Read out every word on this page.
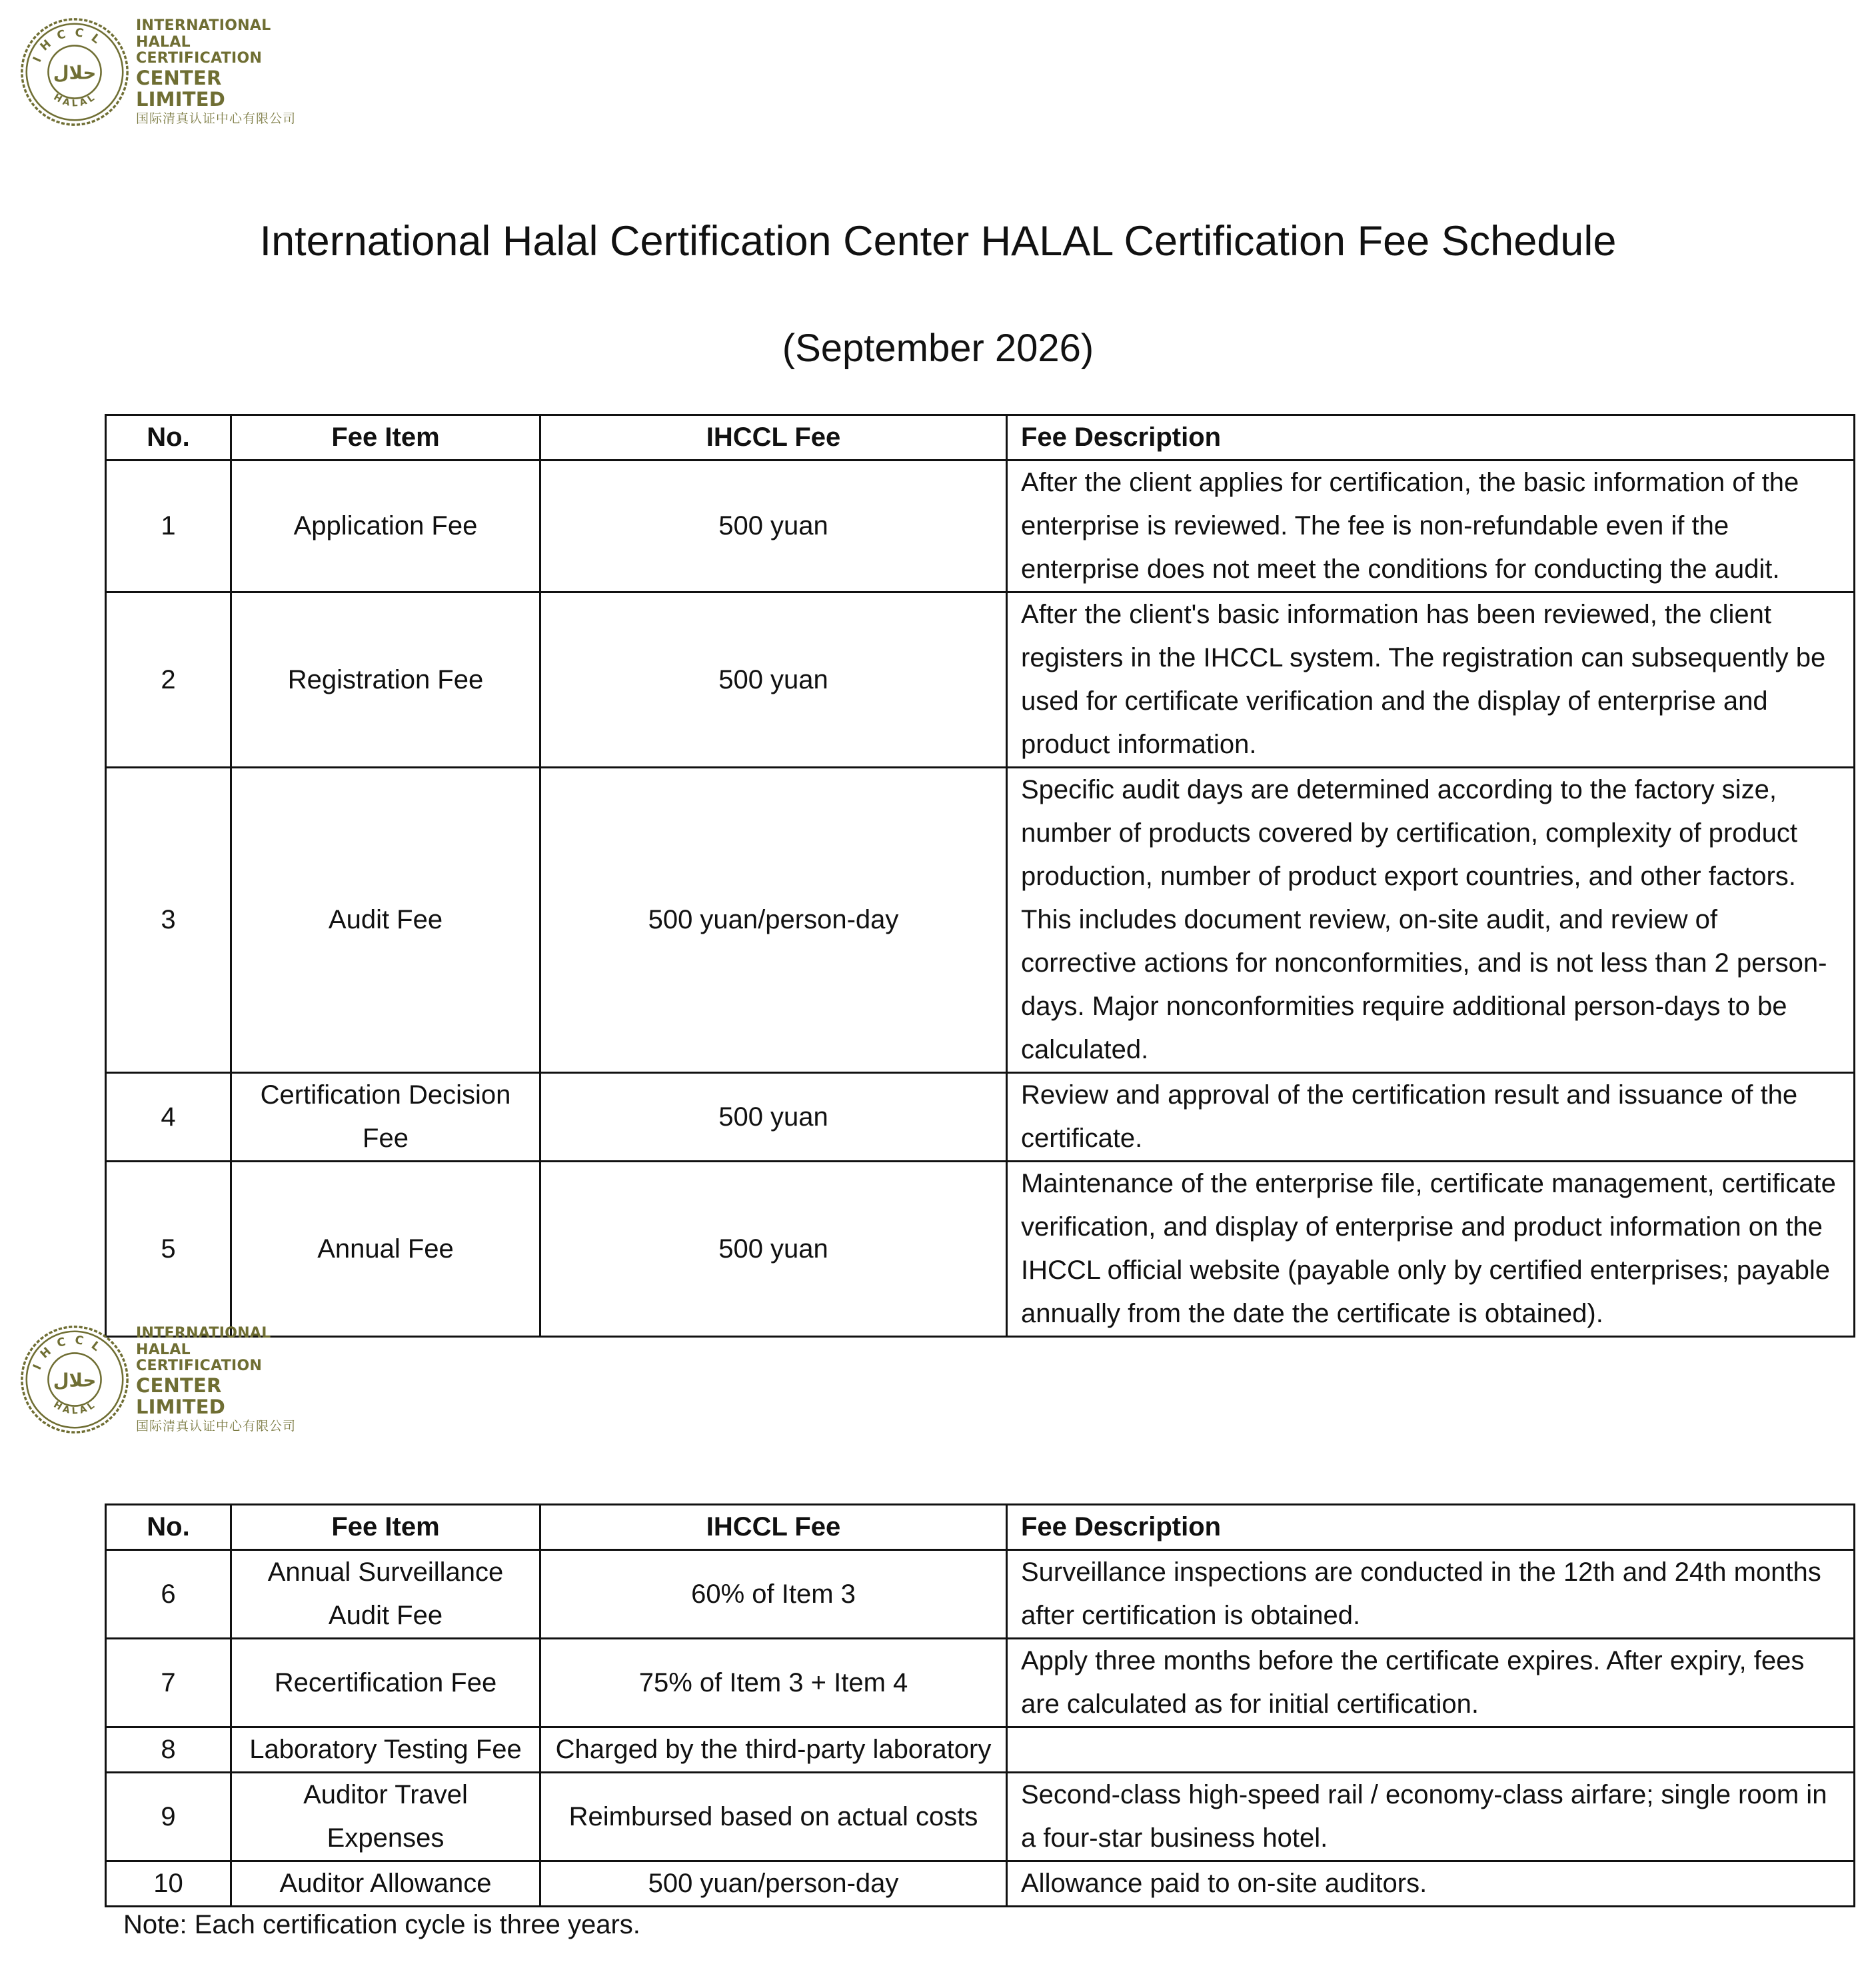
IHCCL
HALAL
حلال
INTERNATIONAL
HALAL CERTIFICATION
CENTER LIMITED
国际清真认证中心有限公司
International Halal Certification Center HALAL Certification Fee Schedule
(September 2026)
No.	Fee Item	IHCCL Fee	Fee Description
1	Application Fee	500 yuan	After the client applies for certification, the basic information of the enterprise is reviewed. The fee is non-refundable even if the enterprise does not meet the conditions for conducting the audit.
2	Registration Fee	500 yuan	After the client's basic information has been reviewed, the client registers in the IHCCL system. The registration can subsequently be used for certificate verification and the display of enterprise and product information.
3	Audit Fee	500 yuan/person-day	Specific audit days are determined according to the factory size, number of products covered by certification, complexity of product production, number of product export countries, and other factors. This includes document review, on-site audit, and review of corrective actions for nonconformities, and is not less than 2 person-days. Major nonconformities require additional person-days to be calculated.
4	Certification Decision Fee	500 yuan	Review and approval of the certification result and issuance of the certificate.
5	Annual Fee	500 yuan	Maintenance of the enterprise file, certificate management, certificate verification, and display of enterprise and product information on the IHCCL official website (payable only by certified enterprises; payable annually from the date the certificate is obtained).
IHCCL
HALAL
حلال
INTERNATIONAL
HALAL CERTIFICATION
CENTER LIMITED
国际清真认证中心有限公司
No.	Fee Item	IHCCL Fee	Fee Description
6	Annual Surveillance Audit Fee	60% of Item 3	Surveillance inspections are conducted in the 12th and 24th months after certification is obtained.
7	Recertification Fee	75% of Item 3 + Item 4	Apply three months before the certificate expires. After expiry, fees are calculated as for initial certification.
8	Laboratory Testing Fee	Charged by the third-party laboratory	
9	Auditor Travel Expenses	Reimbursed based on actual costs	Second-class high-speed rail / economy-class airfare; single room in a four-star business hotel.
10	Auditor Allowance	500 yuan/person-day	Allowance paid to on-site auditors.
Note: Each certification cycle is three years.
